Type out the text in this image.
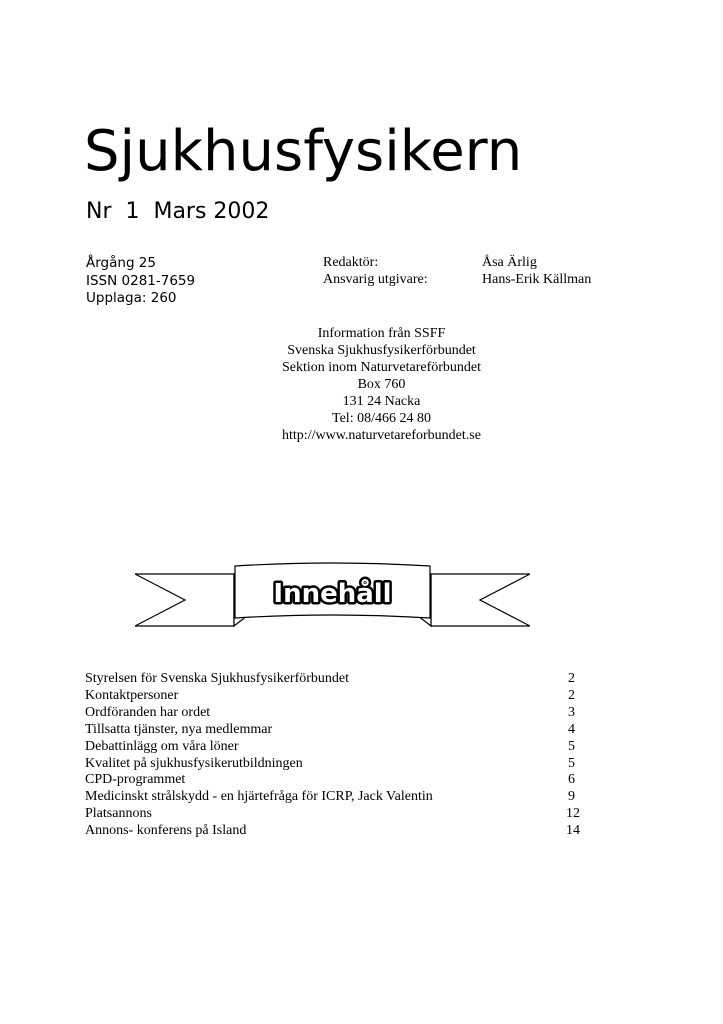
Sjukhusfysikern
Nr  1  Mars 2002
Årgång 25
ISSN 0281-7659
Upplaga: 260
Redaktör:	Åsa Ärlig
Ansvarig utgivare:	Hans-Erik Källman
Information från SSFF
Svenska Sjukhusfysikerförbundet
Sektion inom Naturvetareförbundet
Box 760
131 24 Nacka
Tel: 08/466 24 80
http://www.naturvetareforbundet.se
Innehåll
Styrelsen för Svenska Sjukhusfysikerförbundet	2
Kontaktpersoner	2
Ordföranden har ordet	3
Tillsatta tjänster, nya medlemmar	4
Debattinlägg om våra löner	5
Kvalitet på sjukhusfysikerutbildningen	5
CPD-programmet	6
Medicinskt strålskydd - en hjärtefråga för ICRP, Jack Valentin	9
Platsannons	12
Annons- konferens på Island	14
